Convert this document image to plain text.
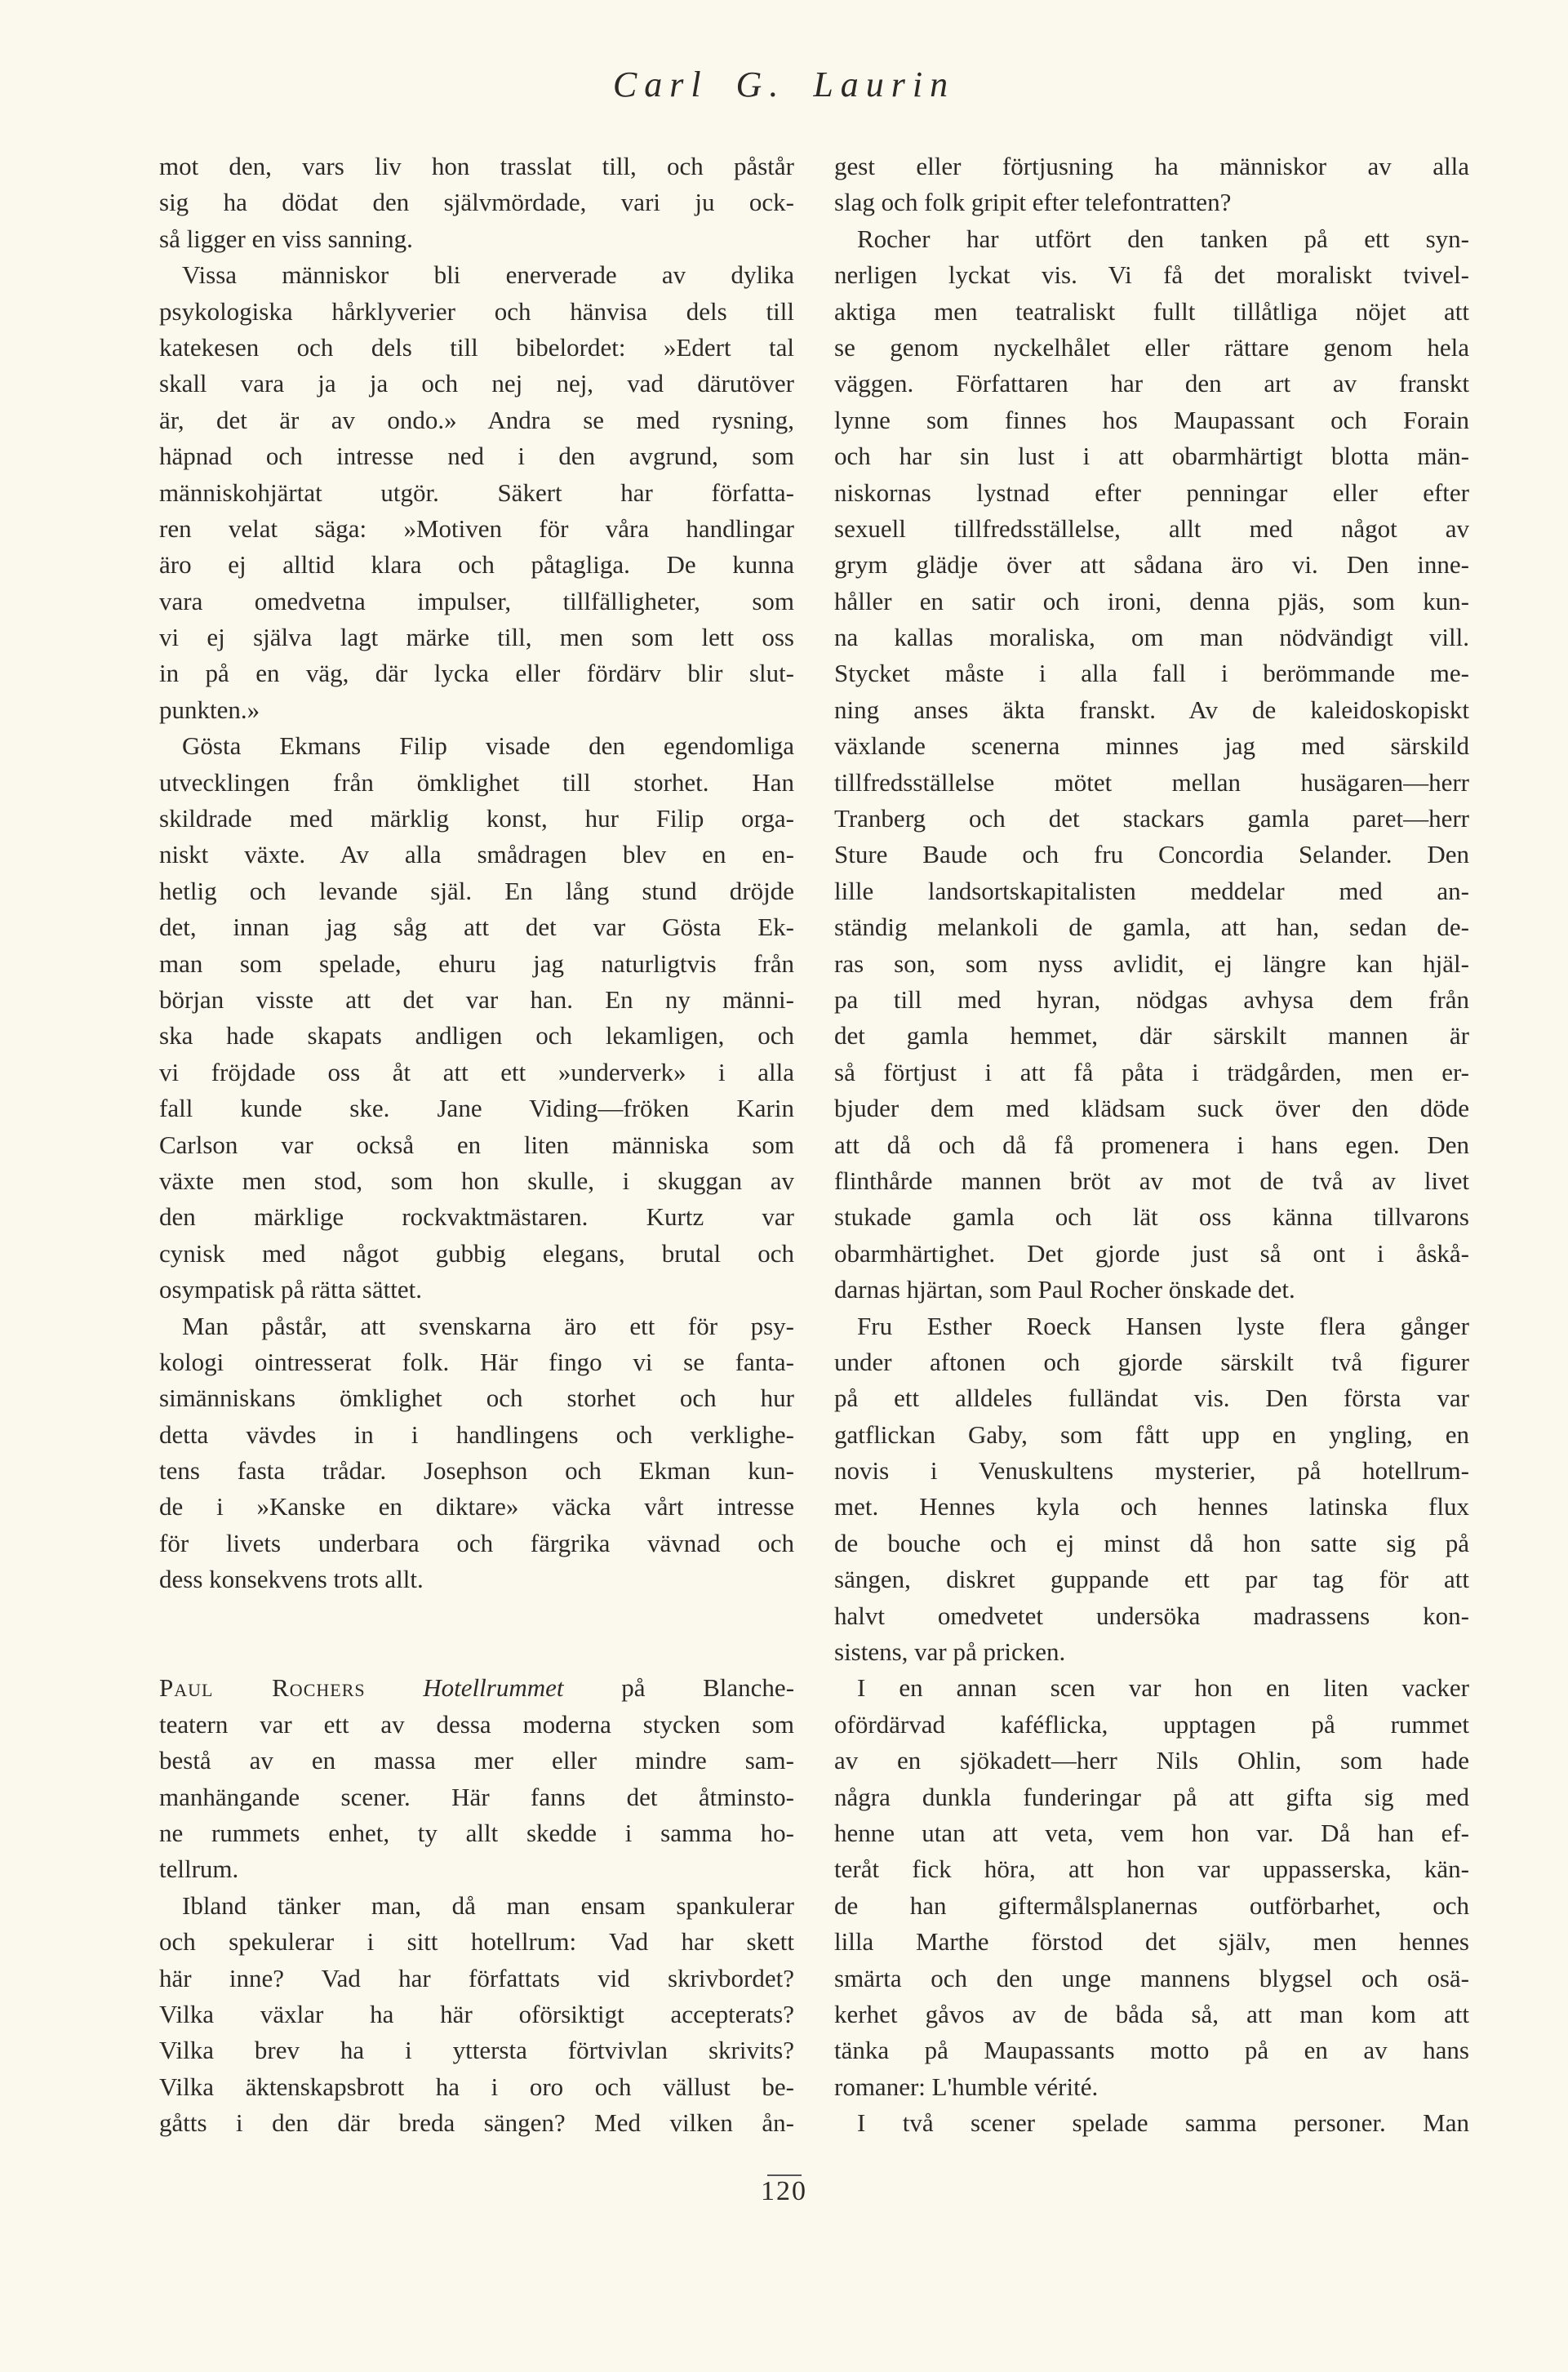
Carl G. Laurin
mot den, vars liv hon trasslat till, och påstår
sig ha dödat den självmördade, vari ju ock-
så ligger en viss sanning.
Vissa människor bli enerverade av dylika
psykologiska hårklyverier och hänvisa dels till
katekesen och dels till bibelordet: »Edert tal
skall vara ja ja och nej nej, vad därutöver
är, det är av ondo.» Andra se med rysning,
häpnad och intresse ned i den avgrund, som
människohjärtat utgör. Säkert har författa-
ren velat säga: »Motiven för våra handlingar
äro ej alltid klara och påtagliga. De kunna
vara omedvetna impulser, tillfälligheter, som
vi ej själva lagt märke till, men som lett oss
in på en väg, där lycka eller fördärv blir slut-
punkten.»
Gösta Ekmans Filip visade den egendomliga
utvecklingen från ömklighet till storhet. Han
skildrade med märklig konst, hur Filip orga-
niskt växte. Av alla smådragen blev en en-
hetlig och levande själ. En lång stund dröjde
det, innan jag såg att det var Gösta Ek-
man som spelade, ehuru jag naturligtvis från
början visste att det var han. En ny männi-
ska hade skapats andligen och lekamligen, och
vi fröjdade oss åt att ett »underverk» i alla
fall kunde ske. Jane Viding—fröken Karin
Carlson var också en liten människa som
växte men stod, som hon skulle, i skuggan av
den märklige rockvaktmästaren. Kurtz var
cynisk med något gubbig elegans, brutal och
osympatisk på rätta sättet.
Man påstår, att svenskarna äro ett för psy-
kologi ointresserat folk. Här fingo vi se fanta-
simänniskans ömklighet och storhet och hur
detta vävdes in i handlingens och verklighe-
tens fasta trådar. Josephson och Ekman kun-
de i »Kanske en diktare» väcka vårt intresse
för livets underbara och färgrika vävnad och
dess konsekvens trots allt.
Paul Rochers Hotellrummet på Blanche-
teatern var ett av dessa moderna stycken som
bestå av en massa mer eller mindre sam-
manhängande scener. Här fanns det åtminsto-
ne rummets enhet, ty allt skedde i samma ho-
tellrum.
Ibland tänker man, då man ensam spankulerar
och spekulerar i sitt hotellrum: Vad har skett
här inne? Vad har författats vid skrivbordet?
Vilka växlar ha här oförsiktigt accepterats?
Vilka brev ha i yttersta förtvivlan skrivits?
Vilka äktenskapsbrott ha i oro och vällust be-
gåtts i den där breda sängen? Med vilken ån-
gest eller förtjusning ha människor av alla
slag och folk gripit efter telefontratten?
Rocher har utfört den tanken på ett syn-
nerligen lyckat vis. Vi få det moraliskt tvivel-
aktiga men teatraliskt fullt tillåtliga nöjet att
se genom nyckelhålet eller rättare genom hela
väggen. Författaren har den art av franskt
lynne som finnes hos Maupassant och Forain
och har sin lust i att obarmhärtigt blotta män-
niskornas lystnad efter penningar eller efter
sexuell tillfredsställelse, allt med något av
grym glädje över att sådana äro vi. Den inne-
håller en satir och ironi, denna pjäs, som kun-
na kallas moraliska, om man nödvändigt vill.
Stycket måste i alla fall i berömmande me-
ning anses äkta franskt. Av de kaleidoskopiskt
växlande scenerna minnes jag med särskild
tillfredsställelse mötet mellan husägaren—herr
Tranberg och det stackars gamla paret—herr
Sture Baude och fru Concordia Selander. Den
lille landsortskapitalisten meddelar med an-
ständig melankoli de gamla, att han, sedan de-
ras son, som nyss avlidit, ej längre kan hjäl-
pa till med hyran, nödgas avhysa dem från
det gamla hemmet, där särskilt mannen är
så förtjust i att få påta i trädgården, men er-
bjuder dem med klädsam suck över den döde
att då och då få promenera i hans egen. Den
flinthårde mannen bröt av mot de två av livet
stukade gamla och lät oss känna tillvarons
obarmhärtighet. Det gjorde just så ont i åskå-
darnas hjärtan, som Paul Rocher önskade det.
Fru Esther Roeck Hansen lyste flera gånger
under aftonen och gjorde särskilt två figurer
på ett alldeles fulländat vis. Den första var
gatflickan Gaby, som fått upp en yngling, en
novis i Venuskultens mysterier, på hotellrum-
met. Hennes kyla och hennes latinska flux
de bouche och ej minst då hon satte sig på
sängen, diskret guppande ett par tag för att
halvt omedvetet undersöka madrassens kon-
sistens, var på pricken.
I en annan scen var hon en liten vacker
ofördärvad kaféflicka, upptagen på rummet
av en sjökadett—herr Nils Ohlin, som hade
några dunkla funderingar på att gifta sig med
henne utan att veta, vem hon var. Då han ef-
teråt fick höra, att hon var uppasserska, kän-
de han giftermålsplanernas outförbarhet, och
lilla Marthe förstod det själv, men hennes
smärta och den unge mannens blygsel och osä-
kerhet gåvos av de båda så, att man kom att
tänka på Maupassants motto på en av hans
romaner: L'humble vérité.
I två scener spelade samma personer. Man
120
